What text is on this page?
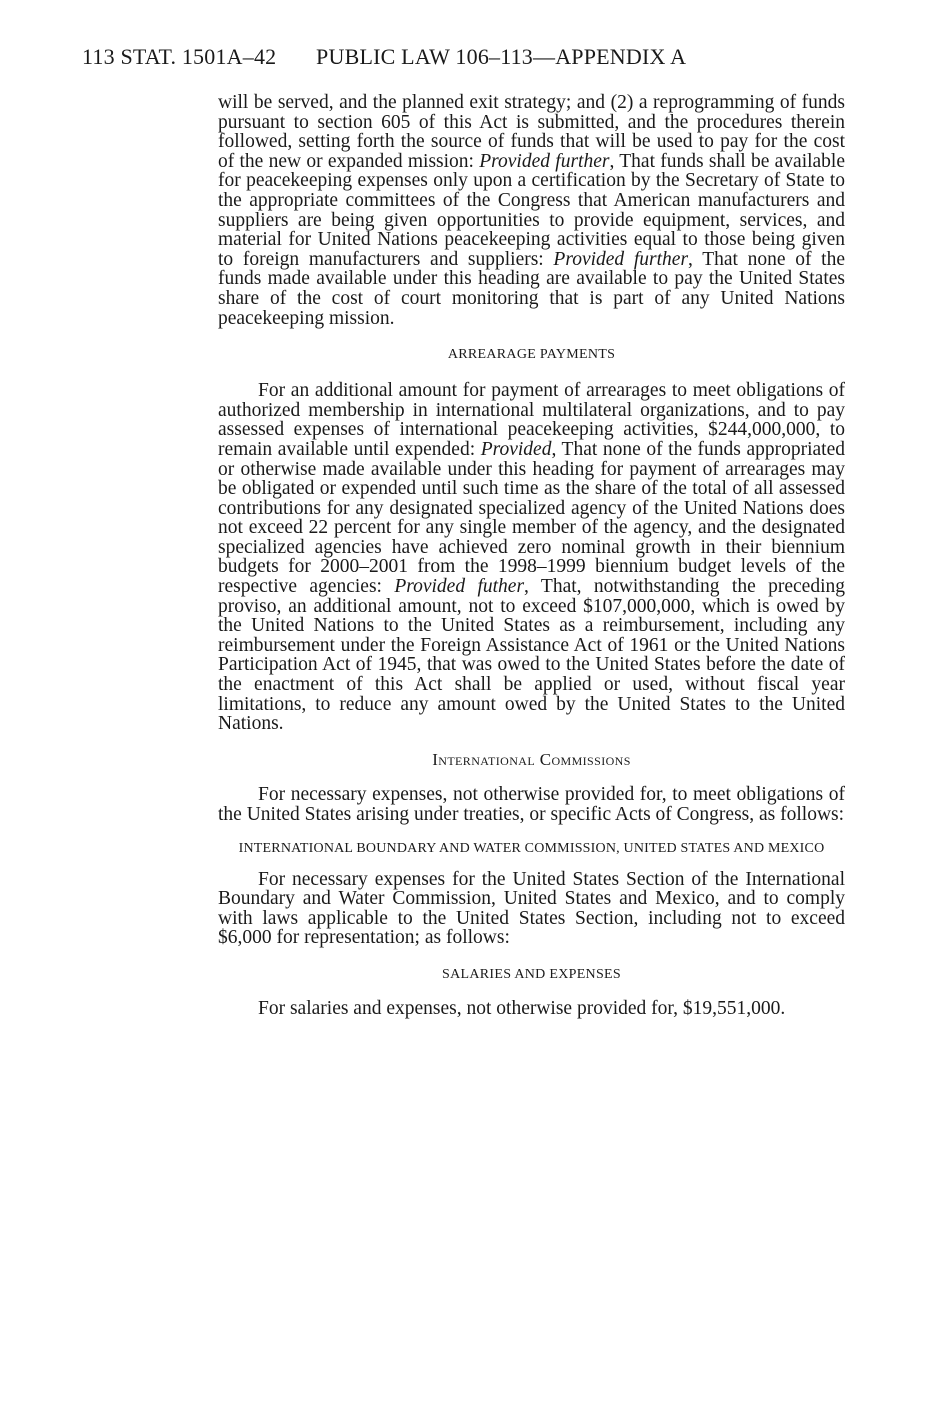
113 STAT. 1501A–42 PUBLIC LAW 106–113—APPENDIX A

will be served, and the planned exit strategy; and (2) a reprogramming of funds pursuant to section 605 of this Act is submitted, and the procedures therein followed, setting forth the source of funds that will be used to pay for the cost of the new or expanded mission: Provided further, That funds shall be available for peacekeeping expenses only upon a certification by the Secretary of State to the appropriate committees of the Congress that American manufacturers and suppliers are being given opportunities to provide equipment, services, and material for United Nations peacekeeping activities equal to those being given to foreign manufacturers and suppliers: Provided further, That none of the funds made available under this heading are available to pay the United States share of the cost of court monitoring that is part of any United Nations peacekeeping mission.

ARREARAGE PAYMENTS

For an additional amount for payment of arrearages to meet obligations of authorized membership in international multilateral organizations, and to pay assessed expenses of international peacekeeping activities, $244,000,000, to remain available until expended: Provided, That none of the funds appropriated or otherwise made available under this heading for payment of arrearages may be obligated or expended until such time as the share of the total of all assessed contributions for any designated specialized agency of the United Nations does not exceed 22 percent for any single member of the agency, and the designated specialized agencies have achieved zero nominal growth in their biennium budgets for 2000–2001 from the 1998–1999 biennium budget levels of the respective agencies: Provided futher, That, notwithstanding the preceding proviso, an additional amount, not to exceed $107,000,000, which is owed by the United Nations to the United States as a reimbursement, including any reimbursement under the Foreign Assistance Act of 1961 or the United Nations Participation Act of 1945, that was owed to the United States before the date of the enactment of this Act shall be applied or used, without fiscal year limitations, to reduce any amount owed by the United States to the United Nations.

International Commissions

For necessary expenses, not otherwise provided for, to meet obligations of the United States arising under treaties, or specific Acts of Congress, as follows:

INTERNATIONAL BOUNDARY AND WATER COMMISSION, UNITED STATES AND MEXICO

For necessary expenses for the United States Section of the International Boundary and Water Commission, United States and Mexico, and to comply with laws applicable to the United States Section, including not to exceed $6,000 for representation; as follows:

SALARIES AND EXPENSES

For salaries and expenses, not otherwise provided for, $19,551,000.
